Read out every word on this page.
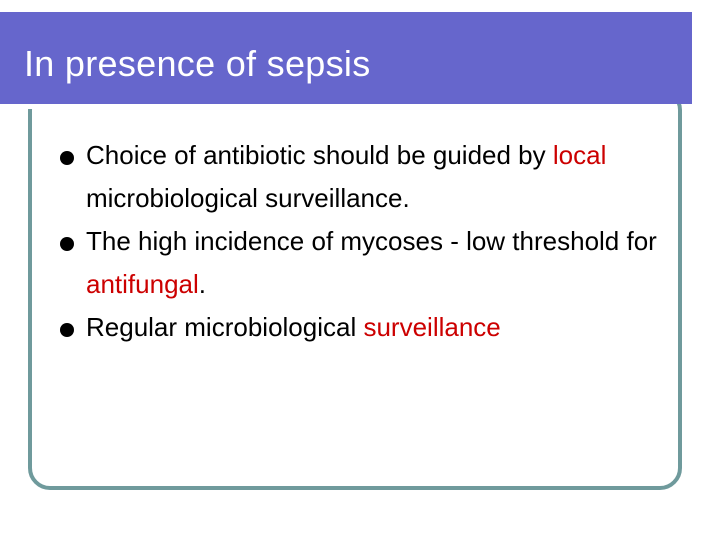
In presence of sepsis
Choice of antibiotic should be guided by local microbiological surveillance.
The high incidence of mycoses - low threshold for antifungal.
Regular microbiological surveillance
